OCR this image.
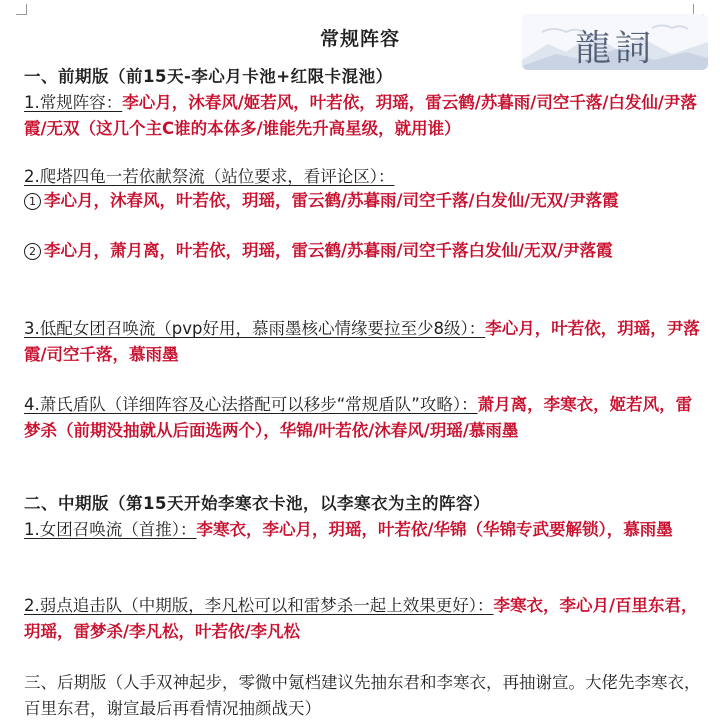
常规阵容	龍詞
一、前期版（前15天-李心月卡池+红限卡混池）
1.常规阵容：李心月，沐春风/姬若风，叶若依，玥瑶，雷云鹤/苏暮雨/司空千落/白发仙/尹落霞/无双（这几个主C谁的本体多/谁能先升高星级，就用谁）
2.爬塔四龟一若依献祭流（站位要求，看评论区）：
1 李心月，沐春风，叶若依，玥瑶，雷云鹤/苏暮雨/司空千落/白发仙/无双/尹落霞
2 李心月，萧月离，叶若依，玥瑶，雷云鹤/苏暮雨/司空千落白发仙/无双/尹落霞
3.低配女团召唤流（pvp好用，慕雨墨核心情缘要拉至少8级）：李心月，叶若依，玥瑶，尹落霞/司空千落，慕雨墨
4.萧氏盾队（详细阵容及心法搭配可以移步“常规盾队”攻略）：萧月离，李寒衣，姬若风，雷梦杀（前期没抽就从后面选两个），华锦/叶若依/沐春风/玥瑶/慕雨墨
二、中期版（第15天开始李寒衣卡池，以李寒衣为主的阵容）
1.女团召唤流（首推）：李寒衣，李心月，玥瑶，叶若依/华锦（华锦专武要解锁），慕雨墨
2.弱点追击队（中期版，李凡松可以和雷梦杀一起上效果更好）：李寒衣，李心月/百里东君，玥瑶，雷梦杀/李凡松，叶若依/李凡松
三、后期版（人手双神起步，零微中氪档建议先抽东君和李寒衣，再抽谢宣。大佬先李寒衣，百里东君，谢宣最后再看情况抽颜战天）
